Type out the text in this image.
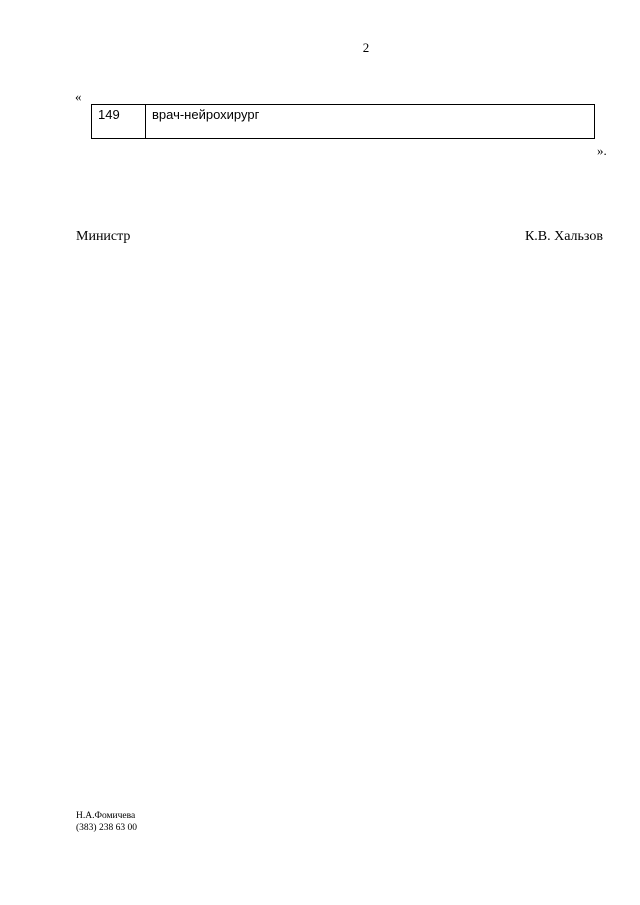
2
«
149	врач-нейрохирург
».
Министр	К.В. Хальзов
Н.А.Фомичева
(383) 238 63 00
